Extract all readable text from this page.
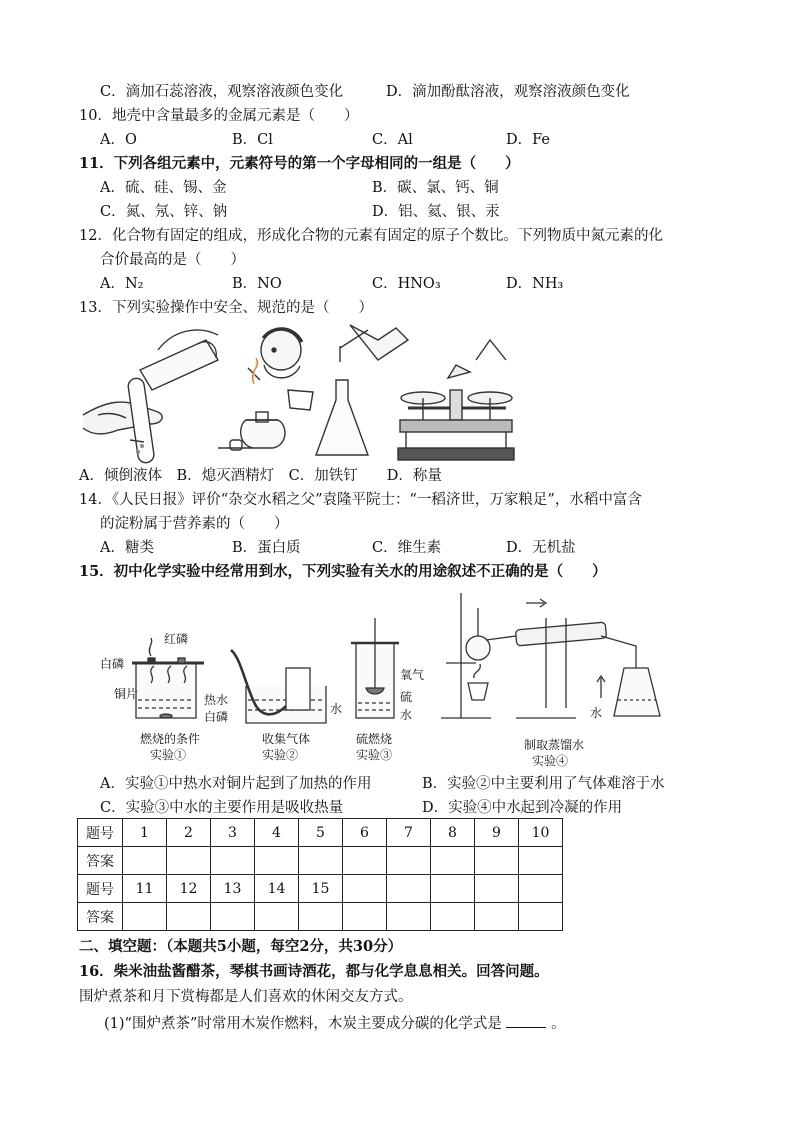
C．滴加石蕊溶液，观察溶液颜色变化	D．滴加酚酞溶液，观察溶液颜色变化
10．地壳中含量最多的金属元素是（　　）
A．O	B．Cl	C．Al	D．Fe
11．下列各组元素中，元素符号的第一个字母相同的一组是（　　）
A．硫、硅、锡、金	B．碳、氯、钙、铜
C．氮、氖、锌、钠	D．铝、氦、银、汞
12．化合物有固定的组成，形成化合物的元素有固定的原子个数比。下列物质中氮元素的化
合价最高的是（　　）
A．N₂	B．NO	C．HNO₃	D．NH₃
13．下列实验操作中安全、规范的是（　　）
A．倾倒液体　B．熄灭酒精灯　C．加铁钉　　D．称量
14．《人民日报》评价“杂交水稻之父”袁隆平院士：“一稻济世，万家粮足”，水稻中富含
的淀粉属于营养素的（　　）
A．糖类	B．蛋白质	C．维生素	D．无机盐
15．初中化学实验中经常用到水，下列实验有关水的用途叙述不正确的是（　　）
红磷
白磷
铜片	热水
白磷
燃烧的条件
实验①
水
收集气体
实验②
氧气
硫
水
硫燃烧
实验③
水
制取蒸馏水
实验④
A．实验①中热水对铜片起到了加热的作用	B．实验②中主要利用了气体难溶于水
C．实验③中水的主要作用是吸收热量	D．实验④中水起到冷凝的作用
题号	1	2	3	4	5	6	7	8	9	10
答案										
题号	11	12	13	14	15					
答案										
二、填空题：（本题共5小题，每空2分，共30分）
16．柴米油盐酱醋茶，琴棋书画诗酒花，都与化学息息相关。回答问题。
围炉煮茶和月下赏梅都是人们喜欢的休闲交友方式。
(1)“围炉煮茶”时常用木炭作燃料，木炭主要成分碳的化学式是	。
